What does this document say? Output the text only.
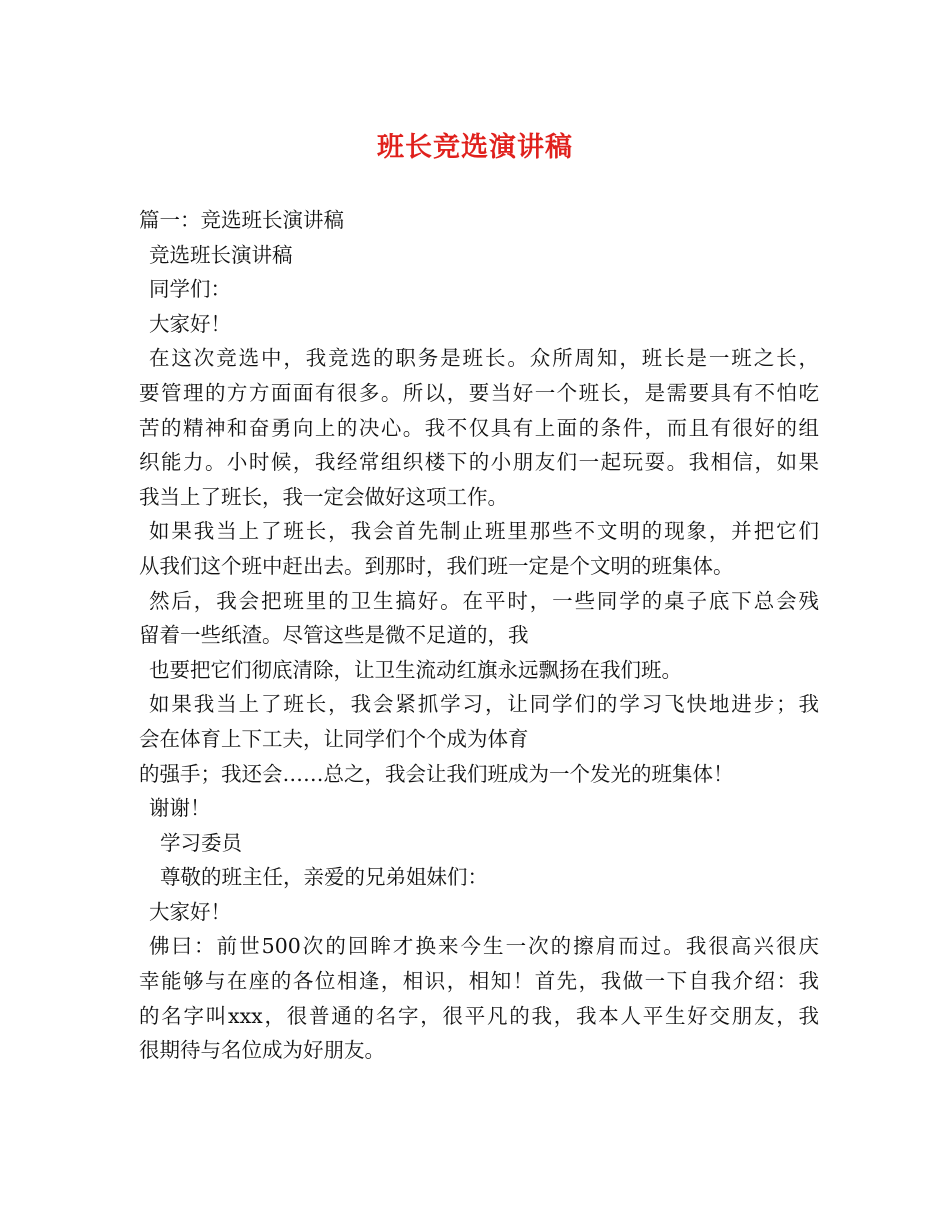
班长竞选演讲稿
篇一：竞选班长演讲稿
竞选班长演讲稿
同学们：
大家好！
在这次竞选中，我竞选的职务是班长。众所周知，班长是一班之长，
要管理的方方面面有很多。所以，要当好一个班长，是需要具有不怕吃
苦的精神和奋勇向上的决心。我不仅具有上面的条件，而且有很好的组
织能力。小时候，我经常组织楼下的小朋友们一起玩耍。我相信，如果
我当上了班长，我一定会做好这项工作。
如果我当上了班长，我会首先制止班里那些不文明的现象，并把它们
从我们这个班中赶出去。到那时，我们班一定是个文明的班集体。
然后，我会把班里的卫生搞好。在平时，一些同学的桌子底下总会残
留着一些纸渣。尽管这些是微不足道的，我
也要把它们彻底清除，让卫生流动红旗永远飘扬在我们班。
如果我当上了班长，我会紧抓学习，让同学们的学习飞快地进步；我
会在体育上下工夫，让同学们个个成为体育
的强手；我还会……总之，我会让我们班成为一个发光的班集体！
谢谢！
学习委员
尊敬的班主任，亲爱的兄弟姐妹们：
大家好！
佛曰：前世500次的回眸才换来今生一次的擦肩而过。我很高兴很庆
幸能够与在座的各位相逢，相识，相知！首先，我做一下自我介绍：我
的名字叫xxx，很普通的名字，很平凡的我，我本人平生好交朋友，我
很期待与名位成为好朋友。
